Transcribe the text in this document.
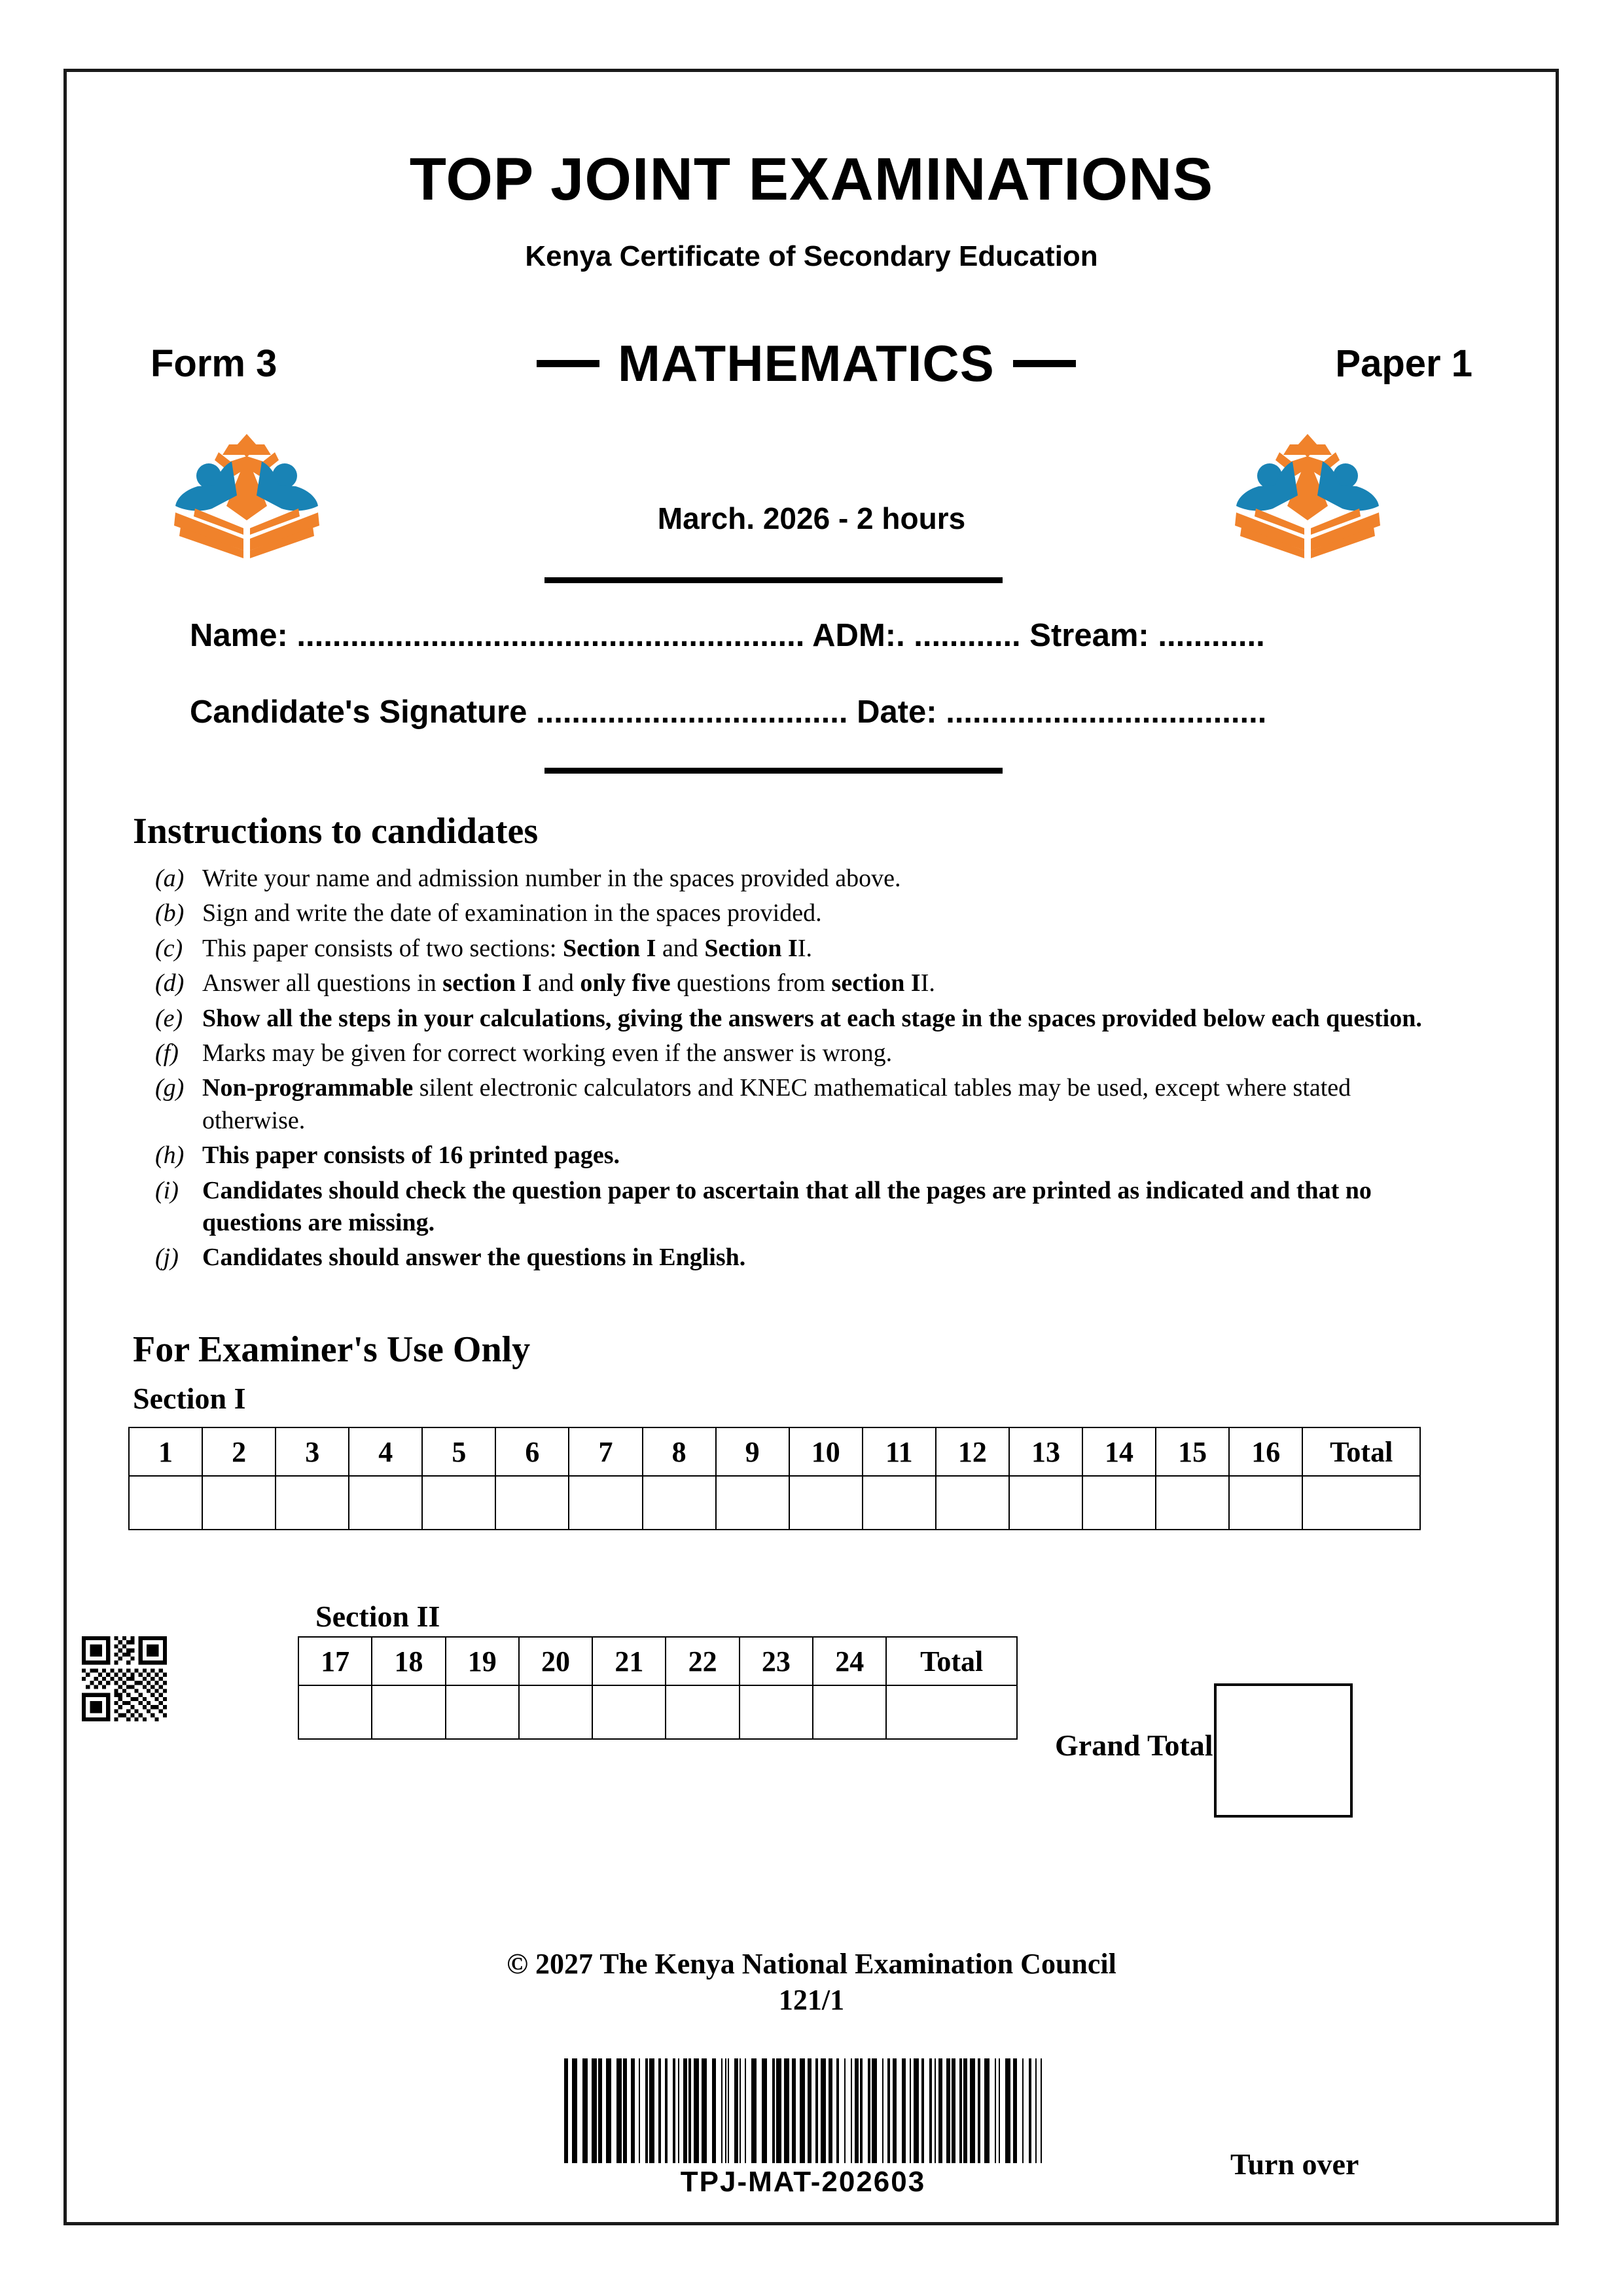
TOP JOINT EXAMINATIONS
Kenya Certificate of Secondary Education
Form 3	MATHEMATICS	Paper 1
March. 2026 - 2 hours
Name: ......................................................... ADM:. ............ Stream: ............
Candidate's Signature ................................... Date: ....................................
Instructions to candidates
(a) Write your name and admission number in the spaces provided above.
(b) Sign and write the date of examination in the spaces provided.
(c) This paper consists of two sections: Section I and Section II.
(d) Answer all questions in section I and only five questions from section II.
(e) Show all the steps in your calculations, giving the answers at each stage in the spaces provided below each question.
(f) Marks may be given for correct working even if the answer is wrong.
(g) Non-programmable silent electronic calculators and KNEC mathematical tables may be used, except where stated otherwise.
(h) This paper consists of 16 printed pages.
(i) Candidates should check the question paper to ascertain that all the pages are printed as indicated and that no questions are missing.
(j) Candidates should answer the questions in English.
For Examiner's Use Only
Section I
1	2	3	4	5	6	7	8	9	10	11	12	13	14	15	16	Total

Section II
17	18	19	20	21	22	23	24	Total

Grand Total
© 2027 The Kenya National Examination Council
121/1
TPJ-MAT-202603
Turn over
